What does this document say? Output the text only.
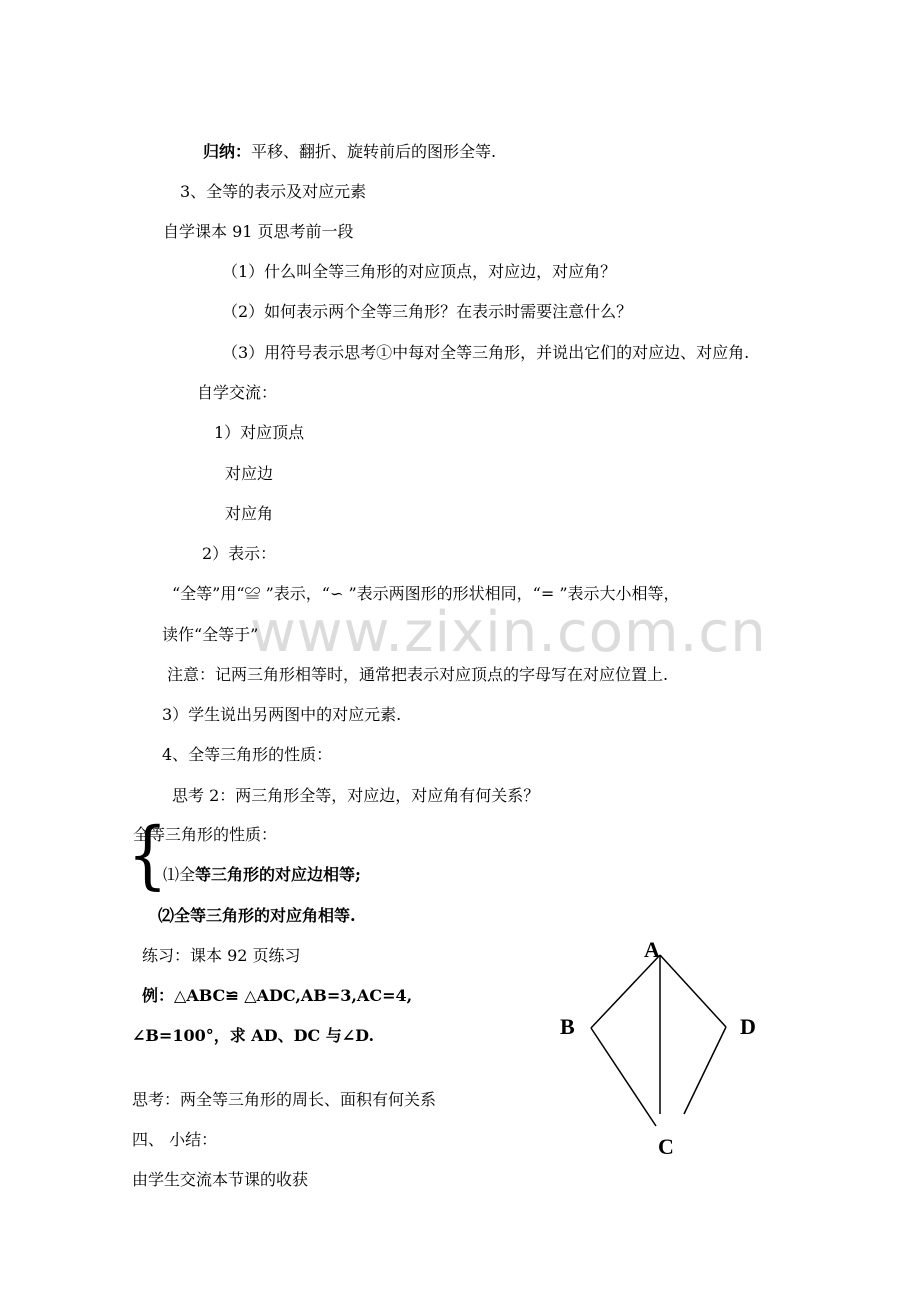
www.zixin.com.cn
归纳：平移、翻折、旋转前后的图形全等.
3、全等的表示及对应元素
自学课本 91 页思考前一段
（1）什么叫全等三角形的对应顶点，对应边，对应角？
（2）如何表示两个全等三角形？在表示时需要注意什么？
（3）用符号表示思考①中每对全等三角形，并说出它们的对应边、对应角.
自学交流：
1）对应顶点
对应边
对应角
2）表示：
“全等”用“≌ ”表示，“∽ ”表示两图形的形状相同，“= ”表示大小相等，
读作“全等于”
注意：记两三角形相等时，通常把表示对应顶点的字母写在对应位置上.
3）学生说出另两图中的对应元素.
4、全等三角形的性质：
思考 2：两三角形全等，对应边，对应角有何关系？
{
全等三角形的性质：
⑴全等三角形的对应边相等;
⑵全等三角形的对应角相等.
练习：课本 92 页练习
例：△ABC≌ △ADC,AB=3,AC=4,
∠B=100°，求 AD、DC 与∠D.
思考：两全等三角形的周长、面积有何关系
四、 小结：
由学生交流本节课的收获
A
B	D
C
